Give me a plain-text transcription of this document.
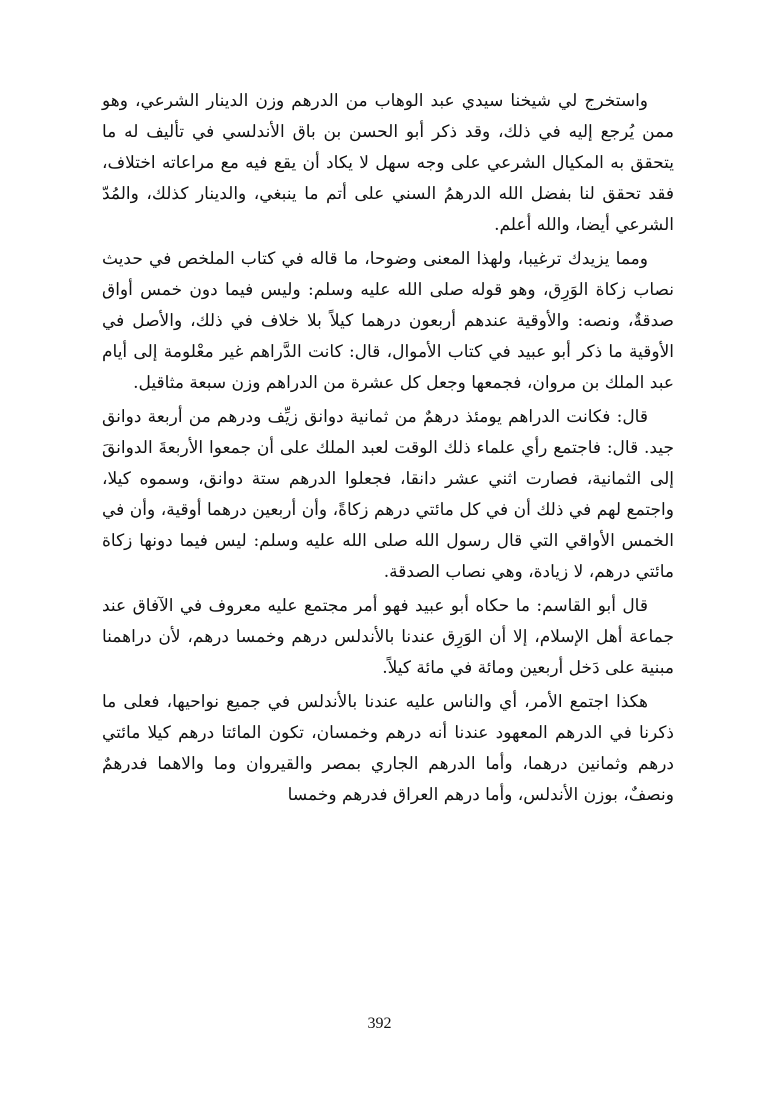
واستخرج لي شيخنا سيدي عبد الوهاب من الدرهم وزن الدينار الشرعي، وهو ممن يُرجع إليه في ذلك، وقد ذكر أبو الحسن بن باق الأندلسي في تأليف له ما يتحقق به المكيال الشرعي على وجه سهل لا يكاد أن يقع فيه مع مراعاته اختلاف، فقد تحقق لنا بفضل الله الدرهمُ السني على أتم ما ينبغي، والدينار كذلك، والمُدّ الشرعي أيضا، والله أعلم.

ومما يزيدك ترغيبا، ولهذا المعنى وضوحا، ما قاله في كتاب الملخص في حديث نصاب زكاة الوَرِق، وهو قوله صلى الله عليه وسلم: وليس فيما دون خمس أواق صدقةٌ، ونصه: والأوقية عندهم أربعون درهما كيلاً بلا خلاف في ذلك، والأصل في الأوقية ما ذكر أبو عبيد في كتاب الأموال، قال: كانت الدَّراهم غير معْلومة إلى أيام عبد الملك بن مروان، فجمعها وجعل كل عشرة من الدراهم وزن سبعة مثاقيل.

قال: فكانت الدراهم يومئذ درهمٌ من ثمانية دوانق زيِّف ودرهم من أربعة دوانق جيد. قال: فاجتمع رأي علماء ذلك الوقت لعبد الملك على أن جمعوا الأربعةَ الدوانقَ إلى الثمانية، فصارت اثني عشر دانقا، فجعلوا الدرهم ستة دوانق، وسموه كيلا، واجتمع لهم في ذلك أن في كل مائتي درهم زكاةً، وأن أربعين درهما أوقية، وأن في الخمس الأواقي التي قال رسول الله صلى الله عليه وسلم: ليس فيما دونها زكاة مائتي درهم، لا زيادة، وهي نصاب الصدقة.

قال أبو القاسم: ما حكاه أبو عبيد فهو أمر مجتمع عليه معروف في الآفاق عند جماعة أهل الإسلام، إلا أن الوَرِق عندنا بالأندلس درهم وخمسا درهم، لأن دراهمنا مبنية على دَخل أربعين ومائة في مائة كيلاً.

هكذا اجتمع الأمر، أي والناس عليه عندنا بالأندلس في جميع نواحيها، فعلى ما ذكرنا في الدرهم المعهود عندنا أنه درهم وخمسان، تكون المائتا درهم كيلا مائتي درهم وثمانين درهما، وأما الدرهم الجاري بمصر والقيروان وما والاهما فدرهمٌ ونصفٌ، بوزن الأندلس، وأما درهم العراق فدرهم وخمسا

392
